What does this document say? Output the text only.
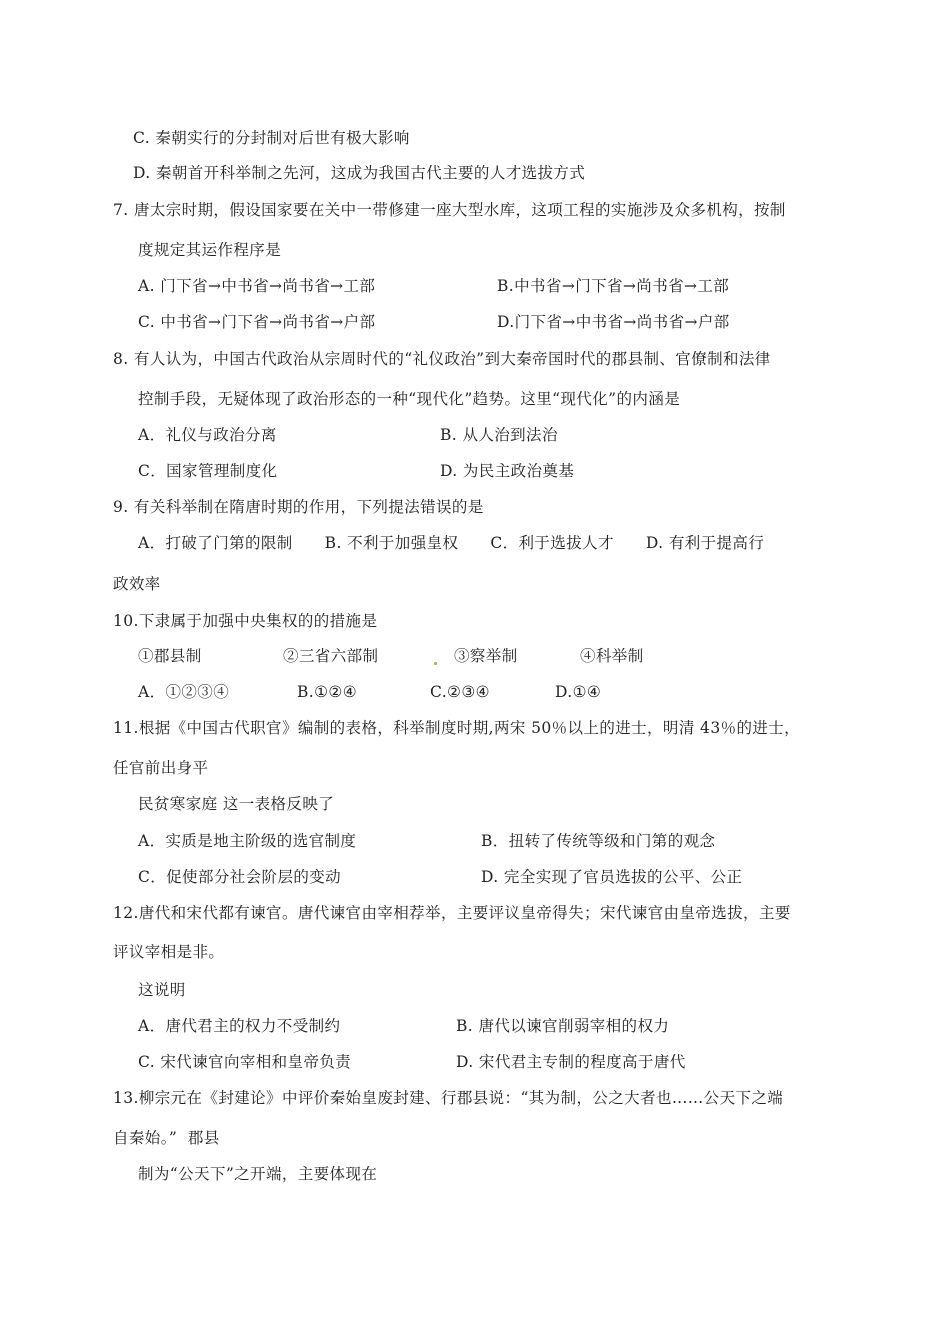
C. 秦朝实行的分封制对后世有极大影响
D. 秦朝首开科举制之先河，这成为我国古代主要的人才选拔方式
7. 唐太宗时期，假设国家要在关中一带修建一座大型水库，这项工程的实施涉及众多机构，按制
度规定其运作程序是
A. 门下省→中书省→尚书省→工部	B.中书省→门下省→尚书省→工部
C. 中书省→门下省→尚书省→户部	D.门下省→中书省→尚书省→户部
8. 有人认为，中国古代政治从宗周时代的“礼仪政治”到大秦帝国时代的郡县制、官僚制和法律
控制手段，无疑体现了政治形态的一种“现代化”趋势。这里“现代化”的内涵是
A．礼仪与政治分离	B. 从人治到法治
C．国家管理制度化	D. 为民主政治奠基
9. 有关科举制在隋唐时期的作用，下列提法错误的是
A．打破了门第的限制      B. 不利于加强皇权      C．利于选拔人才      D. 有利于提高行
政效率
10.下隶属于加强中央集权的的措施是
①郡县制	②三省六部制	③察举制	④科举制
A．①②③④	B.①②④	C.②③④	D.①④
11.根据《中国古代职官》编制的表格，科举制度时期,两宋 50％以上的进士，明清 43％的进士，
任官前出身平
民贫寒家庭 这一表格反映了
A．实质是地主阶级的选官制度	B．扭转了传统等级和门第的观念
C．促使部分社会阶层的变动	D. 完全实现了官员选拔的公平、公正
12.唐代和宋代都有谏官。唐代谏官由宰相荐举，主要评议皇帝得失；宋代谏官由皇帝选拔，主要
评议宰相是非。
这说明
A．唐代君主的权力不受制约	B. 唐代以谏官削弱宰相的权力
C. 宋代谏官向宰相和皇帝负责	D. 宋代君主专制的程度高于唐代
13.柳宗元在《封建论》中评价秦始皇废封建、行郡县说：“其为制，公之大者也……公天下之端
自秦始。”  郡县
制为“公天下”之开端，主要体现在
